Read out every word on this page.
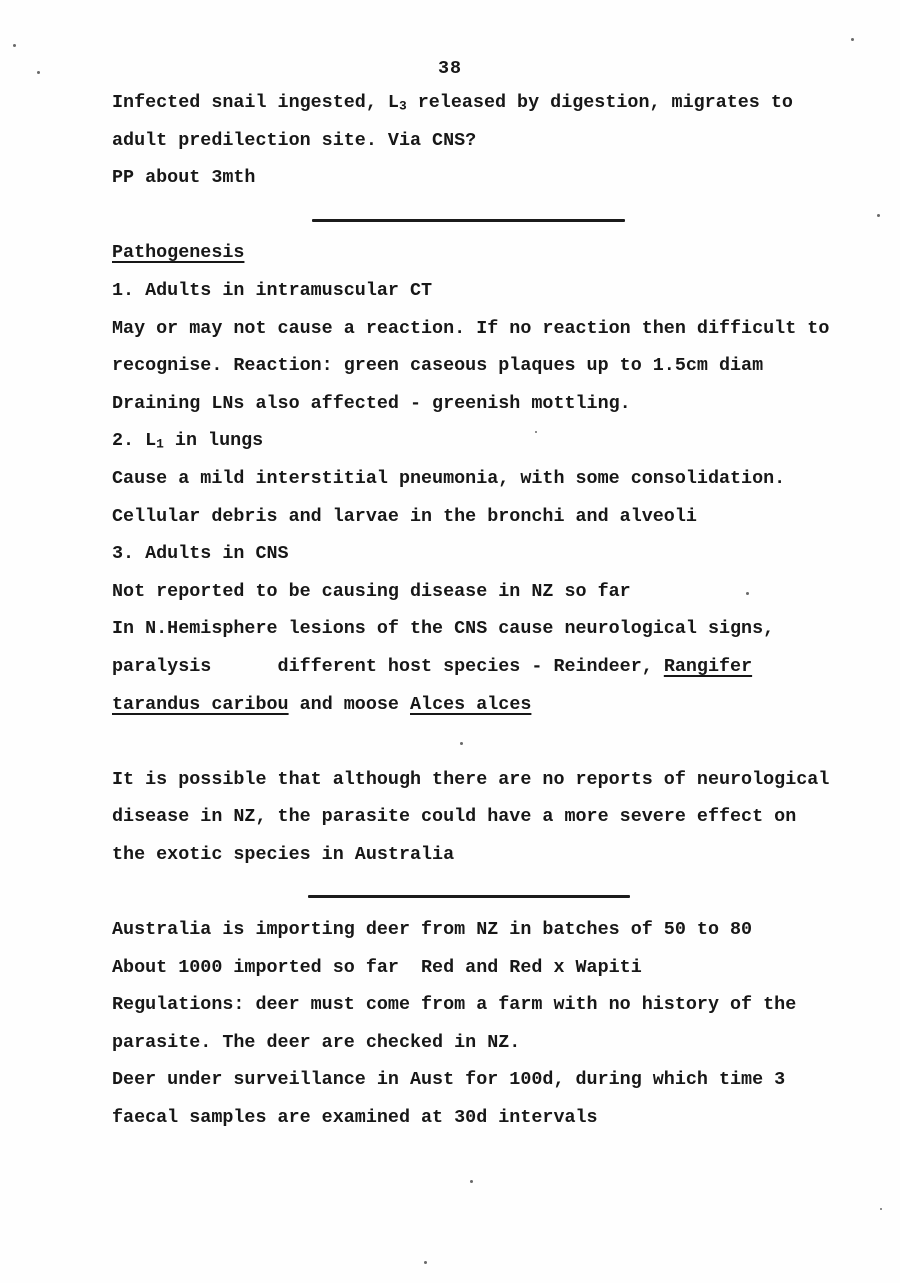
38
Infected snail ingested, L3 released by digestion, migrates to
adult predilection site. Via CNS?
PP about 3mth
Pathogenesis
1. Adults in intramuscular CT
May or may not cause a reaction. If no reaction then difficult to
recognise. Reaction: green caseous plaques up to 1.5cm diam
Draining LNs also affected - greenish mottling.
2. L1 in lungs
Cause a mild interstitial pneumonia, with some consolidation.
Cellular debris and larvae in the bronchi and alveoli
3. Adults in CNS
Not reported to be causing disease in NZ so far
In N.Hemisphere lesions of the CNS cause neurological signs,
paralysis      different host species - Reindeer, Rangifer
tarandus caribou and moose Alces alces
It is possible that although there are no reports of neurological
disease in NZ, the parasite could have a more severe effect on
the exotic species in Australia
Australia is importing deer from NZ in batches of 50 to 80
About 1000 imported so far  Red and Red x Wapiti
Regulations: deer must come from a farm with no history of the
parasite. The deer are checked in NZ.
Deer under surveillance in Aust for 100d, during which time 3
faecal samples are examined at 30d intervals
